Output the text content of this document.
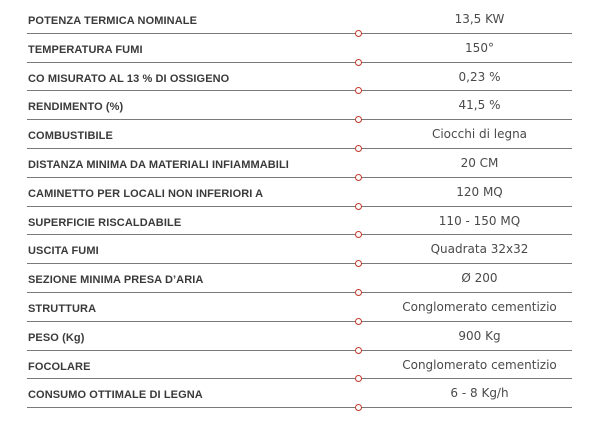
POTENZA TERMICA NOMINALE	13,5 KW
TEMPERATURA FUMI	150°
CO MISURATO AL 13 % DI OSSIGENO	0,23 %
RENDIMENTO (%)	41,5 %
COMBUSTIBILE	Ciocchi di legna
DISTANZA MINIMA DA MATERIALI INFIAMMABILI	20 CM
CAMINETTO PER LOCALI NON INFERIORI A	120 MQ
SUPERFICIE RISCALDABILE	110 - 150 MQ
USCITA FUMI	Quadrata 32x32
SEZIONE MINIMA PRESA D’ARIA	Ø 200
STRUTTURA	Conglomerato cementizio
PESO (Kg)	900 Kg
FOCOLARE	Conglomerato cementizio
CONSUMO OTTIMALE DI LEGNA	6 - 8 Kg/h
